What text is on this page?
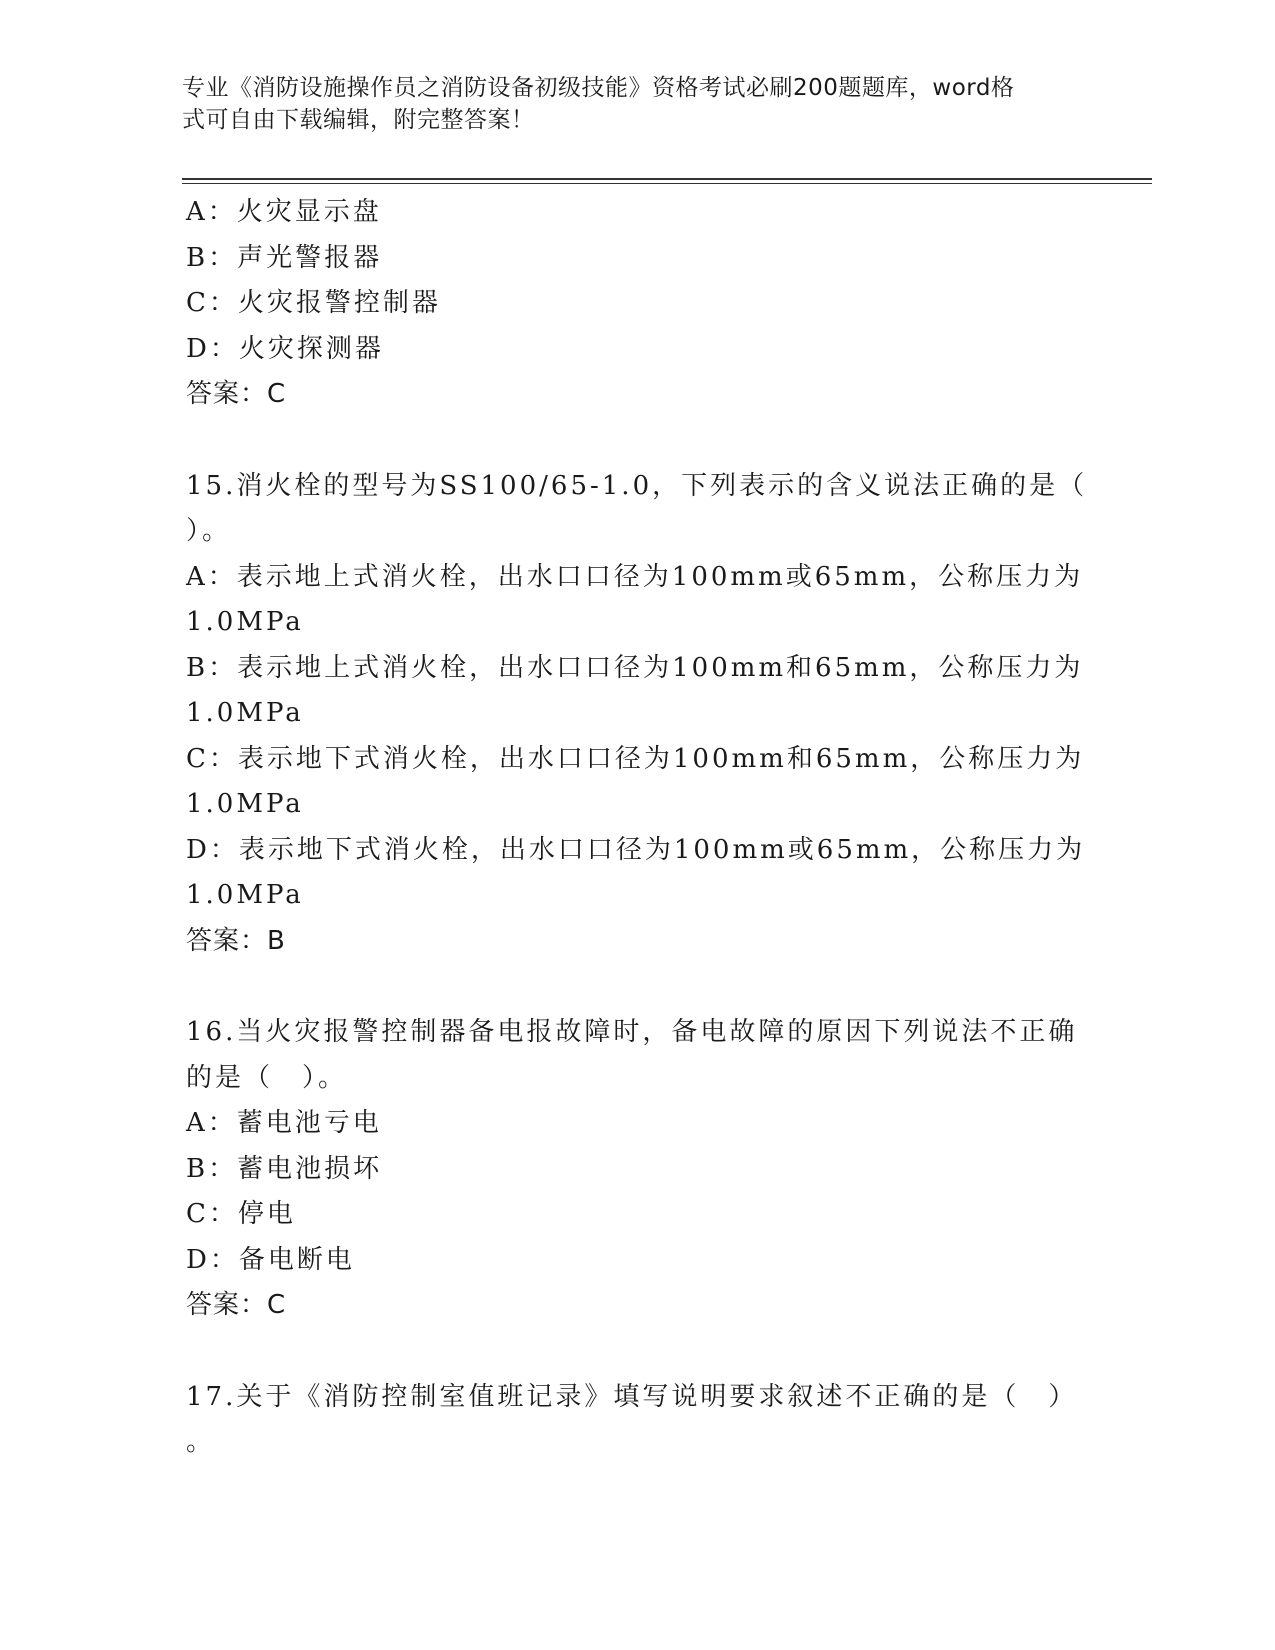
专业《消防设施操作员之消防设备初级技能》资格考试必刷200题题库，word格
式可自由下载编辑，附完整答案！
A：火灾显示盘
B：声光警报器
C：火灾报警控制器
D：火灾探测器
答案：C
15.消火栓的型号为SS100/65-1.0，下列表示的含义说法正确的是（
）。
A：表示地上式消火栓，出水口口径为100mm或65mm，公称压力为
1.0MPa
B：表示地上式消火栓，出水口口径为100mm和65mm，公称压力为
1.0MPa
C：表示地下式消火栓，出水口口径为100mm和65mm，公称压力为
1.0MPa
D：表示地下式消火栓，出水口口径为100mm或65mm，公称压力为
1.0MPa
答案：B
16.当火灾报警控制器备电报故障时，备电故障的原因下列说法不正确
的是（　）。
A：蓄电池亏电
B：蓄电池损坏
C：停电
D：备电断电
答案：C
17.关于《消防控制室值班记录》填写说明要求叙述不正确的是（　）
。
